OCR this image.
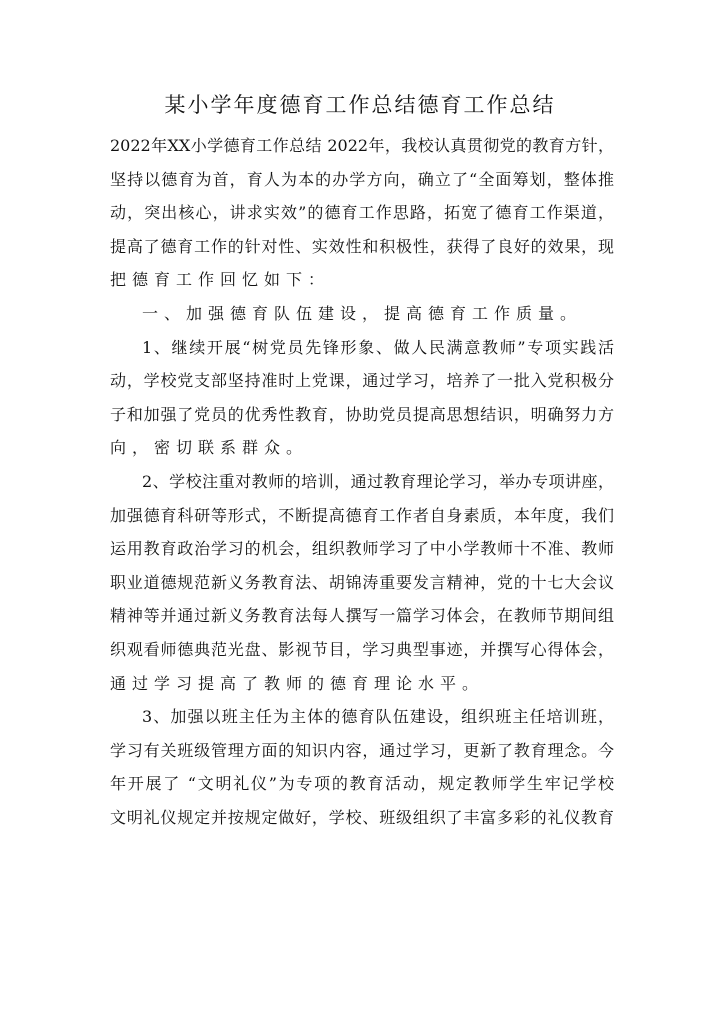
某小学年度德育工作总结德育工作总结
2022年XX小学德育工作总结 2022年，我校认真贯彻党的教育方针，
坚持以德育为首，育人为本的办学方向，确立了“全面筹划，整体推
动，突出核心，讲求实效”的德育工作思路，拓宽了德育工作渠道，
提高了德育工作的针对性、实效性和积极性，获得了良好的效果，现
把德育工作回忆如下：
一、加强德育队伍建设，提高德育工作质量。
1、继续开展“树党员先锋形象、做人民满意教师”专项实践活
动，学校党支部坚持准时上党课，通过学习，培养了一批入党积极分
子和加强了党员的优秀性教育，协助党员提高思想结识，明确努力方
向，密切联系群众。
2、学校注重对教师的培训，通过教育理论学习，举办专项讲座，
加强德育科研等形式，不断提高德育工作者自身素质，本年度，我们
运用教育政治学习的机会，组织教师学习了中小学教师十不准、教师
职业道德规范新义务教育法、胡锦涛重要发言精神，党的十七大会议
精神等并通过新义务教育法每人撰写一篇学习体会，在教师节期间组
织观看师德典范光盘、影视节目，学习典型事迹，并撰写心得体会，
通过学习提高了教师的德育理论水平。
3、加强以班主任为主体的德育队伍建设，组织班主任培训班，
学习有关班级管理方面的知识内容，通过学习，更新了教育理念。今
年开展了 “文明礼仪”为专项的教育活动，规定教师学生牢记学校
文明礼仪规定并按规定做好，学校、班级组织了丰富多彩的礼仪教育
